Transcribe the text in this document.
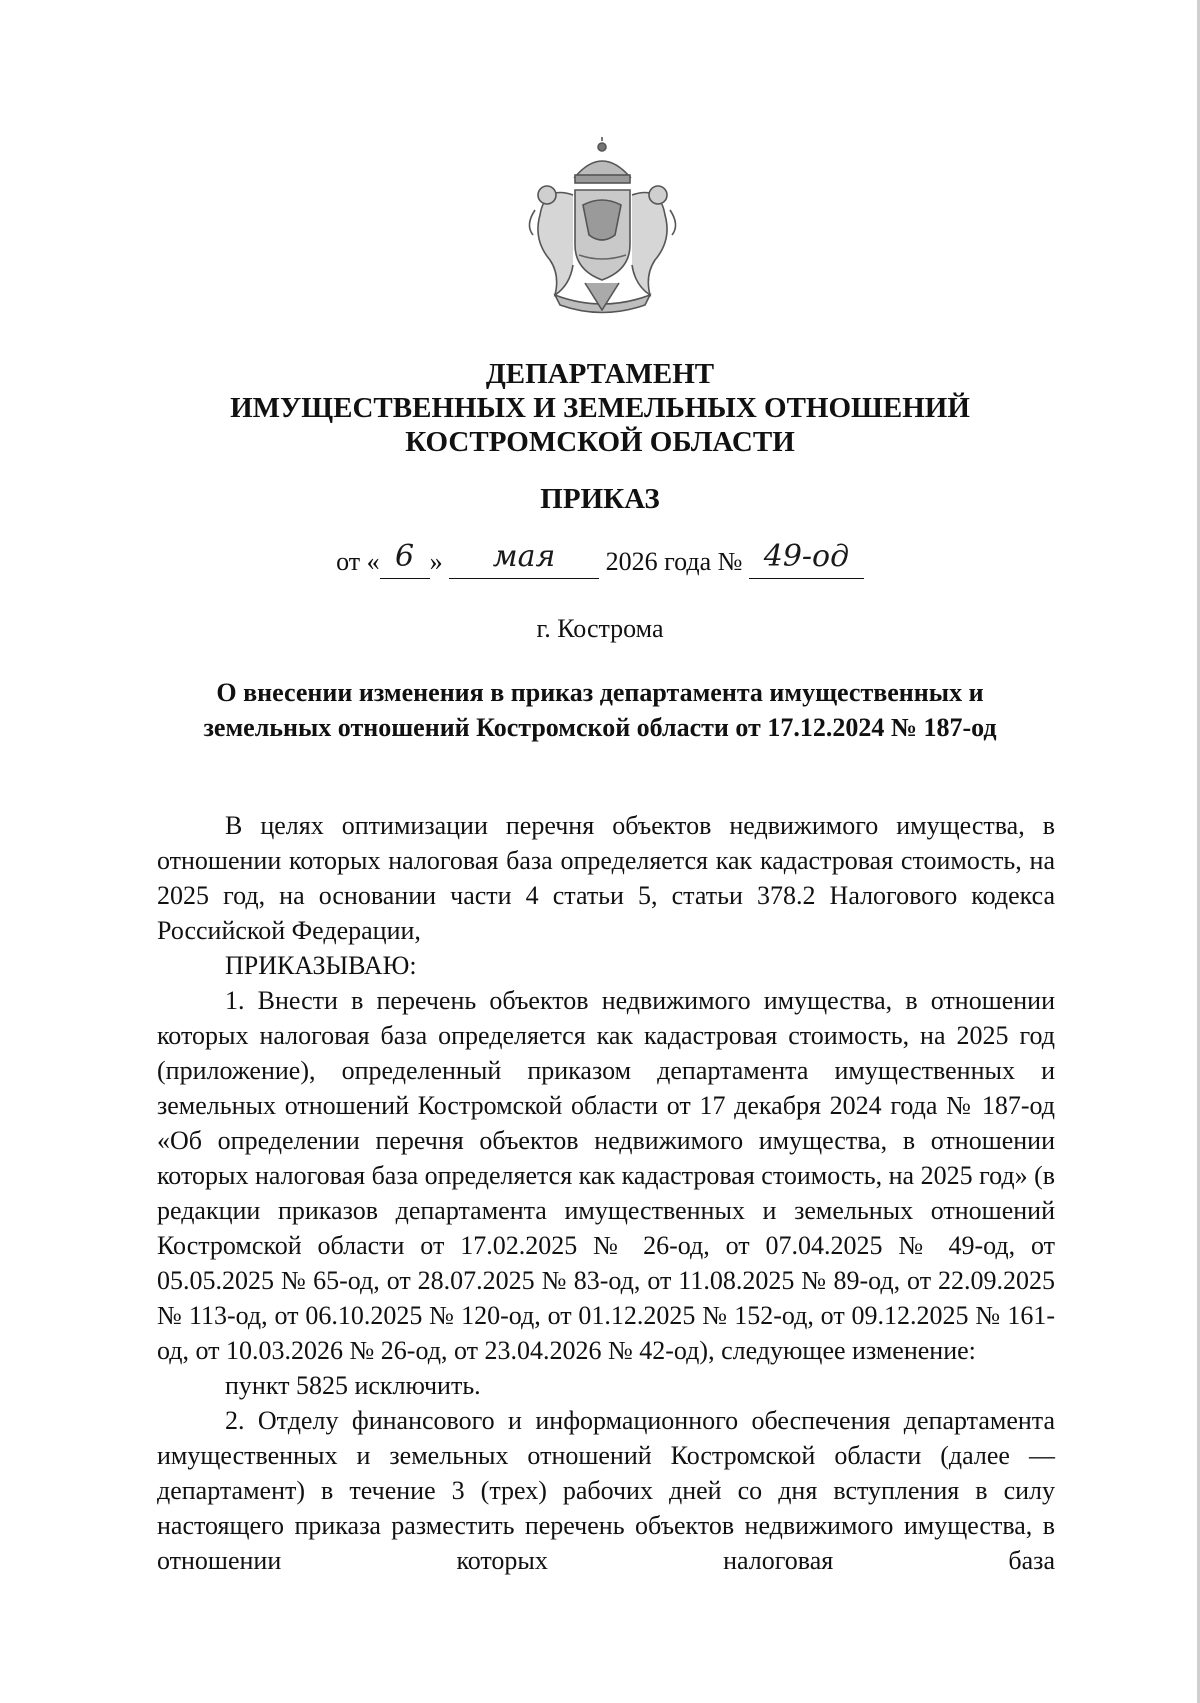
ДЕПАРТАМЕНТ
ИМУЩЕСТВЕННЫХ И ЗЕМЕЛЬНЫХ ОТНОШЕНИЙ
КОСТРОМСКОЙ ОБЛАСТИ
ПРИКАЗ
от « 6 » мая 2026 года № 49-од
г. Кострома
О внесении изменения в приказ департамента имущественных и
земельных отношений Костромской области от 17.12.2024 № 187-од

В целях оптимизации перечня объектов недвижимого имущества, в отношении которых налоговая база определяется как кадастровая стоимость, на 2025 год, на основании части 4 статьи 5, статьи 378.2 Налогового кодекса Российской Федерации,

ПРИКАЗЫВАЮ:

1. Внести в перечень объектов недвижимого имущества, в отношении которых налоговая база определяется как кадастровая стоимость, на 2025 год (приложение), определенный приказом департамента имущественных и земельных отношений Костромской области от 17 декабря 2024 года № 187-од «Об определении перечня объектов недвижимого имущества, в отношении которых налоговая база определяется как кадастровая стоимость, на 2025 год» (в редакции приказов департамента имущественных и земельных отношений Костромской области от 17.02.2025 № 26-од, от 07.04.2025 № 49-од, от 05.05.2025 № 65-од, от 28.07.2025 № 83-од, от 11.08.2025 № 89-од, от 22.09.2025 № 113-од, от 06.10.2025 № 120-од, от 01.12.2025 № 152-од, от 09.12.2025 № 161-од, от 10.03.2026 № 26-од, от 23.04.2026 № 42-од), следующее изменение:

пункт 5825 исключить.

2. Отделу финансового и информационного обеспечения департамента имущественных и земельных отношений Костромской области (далее — департамент) в течение 3 (трех) рабочих дней со дня вступления в силу настоящего приказа разместить перечень объектов недвижимого имущества, в отношении которых налоговая база
